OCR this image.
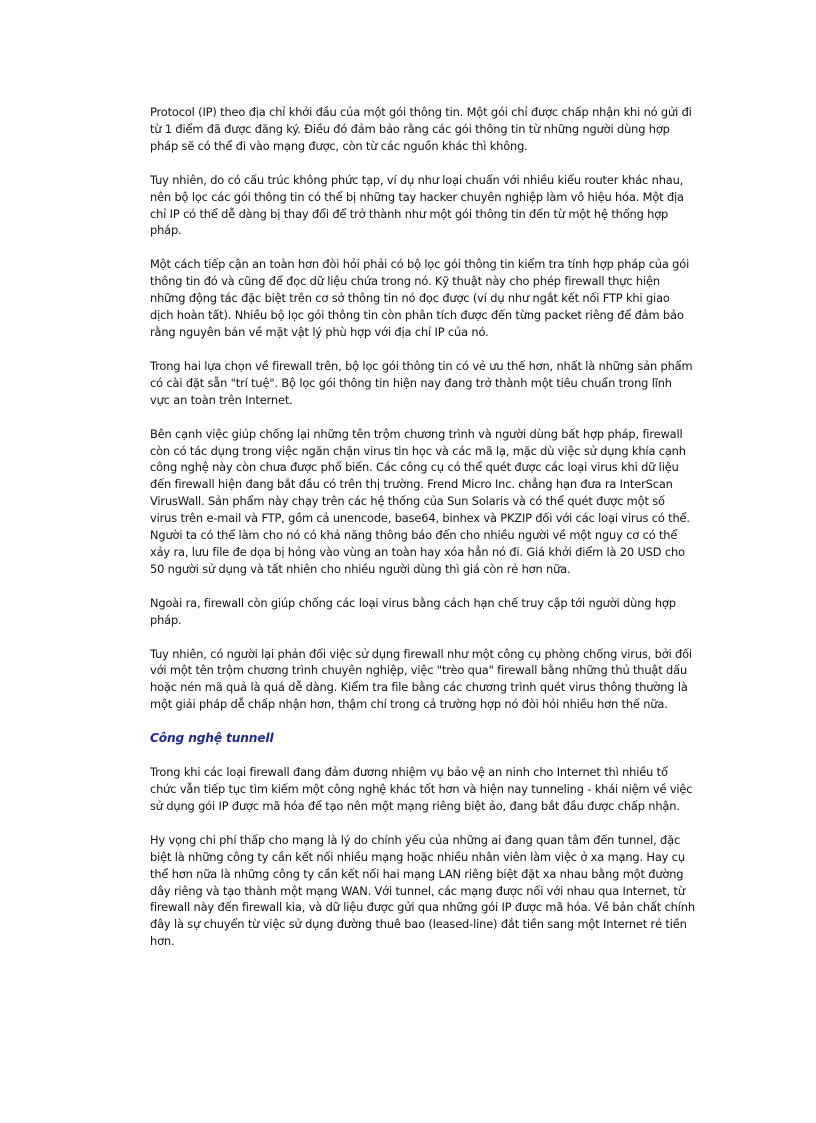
Protocol (IP) theo địa chỉ khởi đầu của một gói thông tin. Một gói chỉ được chấp nhận khi nó gửi đi từ 1 điểm đã được đăng ký. Điều đó đảm bảo rằng các gói thông tin từ những người dùng hợp pháp sẽ có thể đi vào mạng được, còn từ các nguồn khác thì không.

Tuy nhiên, do có cấu trúc không phức tạp, ví dụ như loại chuẩn với nhiều kiểu router khác nhau, nên bộ lọc các gói thông tin có thể bị những tay hacker chuyên nghiệp làm vô hiệu hóa. Một địa chỉ IP có thể dễ dàng bị thay đổi để trở thành như một gói thông tin đến từ một hệ thống hợp pháp.

Một cách tiếp cận an toàn hơn đòi hỏi phải có bộ lọc gói thông tin kiểm tra tính hợp pháp của gói thông tin đó và cũng để đọc dữ liệu chứa trong nó. Kỹ thuật này cho phép firewall thực hiện những động tác đặc biệt trên cơ sở thông tin nó đọc được (ví dụ như ngắt kết nối FTP khi giao dịch hoàn tất). Nhiều bộ lọc gói thông tin còn phân tích được đến từng packet riêng để đảm bảo rằng nguyên bản về mặt vật lý phù hợp với địa chỉ IP của nó.

Trong hai lựa chọn về firewall trên, bộ lọc gói thông tin có vẻ ưu thế hơn, nhất là những sản phẩm có cài đặt sẵn "trí tuệ". Bộ lọc gói thông tin hiện nay đang trở thành một tiêu chuẩn trong lĩnh vực an toàn trên Internet.

Bên cạnh việc giúp chống lại những tên trộm chương trình và người dùng bất hợp pháp, firewall còn có tác dụng trong việc ngăn chặn virus tin học và các mã lạ, mặc dù việc sử dụng khía cạnh công nghệ này còn chưa được phổ biến. Các công cụ có thể quét được các loại virus khi dữ liệu đến firewall hiện đang bắt đầu có trên thị trường. Frend Micro Inc. chẳng hạn đưa ra InterScan VirusWall. Sản phẩm này chạy trên các hệ thống của Sun Solaris và có thể quét được một số virus trên e-mail và FTP, gồm cả unencode, base64, binhex và PKZIP đối với các loại virus có thể. Người ta có thể làm cho nó có khả năng thông báo đến cho nhiều người về một nguy cơ có thể xảy ra, lưu file đe dọa bị hỏng vào vùng an toàn hay xóa hẳn nó đi. Giá khởi điểm là 20 USD cho 50 người sử dụng và tất nhiên cho nhiều người dùng thì giá còn rẻ hơn nữa.

Ngoài ra, firewall còn giúp chống các loại virus bằng cách hạn chế truy cập tới người dùng hợp pháp.

Tuy nhiên, có người lại phản đối việc sử dụng firewall như một công cụ phòng chống virus, bởi đối với một tên trộm chương trình chuyên nghiệp, việc "trèo qua" firewall bằng những thủ thuật dấu hoặc nén mã quả là quá dễ dàng. Kiểm tra file bằng các chương trình quét virus thông thường là một giải pháp dễ chấp nhận hơn, thậm chí trong cả trường hợp nó đòi hỏi nhiều hơn thế nữa.

Công nghệ tunnell

Trong khi các loại firewall đang đảm đương nhiệm vụ bảo vệ an ninh cho Internet thì nhiều tổ chức vẫn tiếp tục tìm kiếm một công nghệ khác tốt hơn và hiện nay tunneling - khái niệm về việc sử dụng gói IP được mã hóa để tạo nên một mạng riêng biệt ảo, đang bắt đầu được chấp nhận.

Hy vọng chi phí thấp cho mạng là lý do chính yếu của những ai đang quan tâm đến tunnel, đặc biệt là những công ty cần kết nối nhiều mạng hoặc nhiều nhân viên làm việc ở xa mạng. Hay cụ thể hơn nữa là những công ty cần kết nối hai mạng LAN riêng biệt đặt xa nhau bằng một đường dây riêng và tạo thành một mạng WAN. Với tunnel, các mạng được nối với nhau qua Internet, từ firewall này đến firewall kia, và dữ liệu được gửi qua những gói IP được mã hóa. Về bản chất chính đây là sự chuyển từ việc sử dụng đường thuê bao (leased-line) đắt tiền sang một Internet rẻ tiền hơn.
